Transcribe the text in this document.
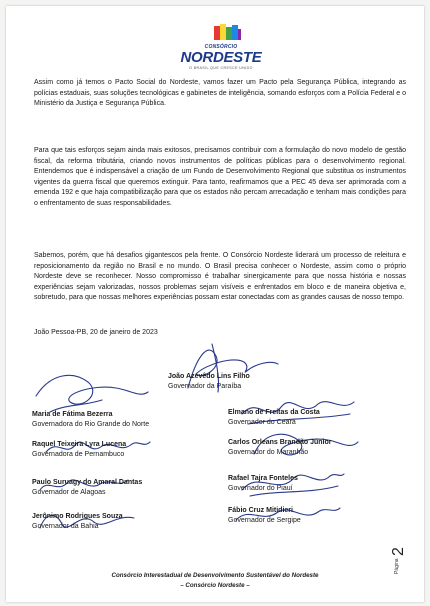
CONSÓRCIO
NORDESTE
O BRASIL QUE CRESCE UNIDO
Assim como já temos o Pacto Social do Nordeste, vamos fazer um Pacto pela Segurança Pública, integrando as polícias estaduais, suas soluções tecnológicas e gabinetes de inteligência, somando esforços com a Polícia Federal e o Ministério da Justiça e Segurança Pública.
Para que tais esforços sejam ainda mais exitosos, precisamos contribuir com a formulação do novo modelo de gestão fiscal, da reforma tributária, criando novos instrumentos de políticas públicas para o desenvolvimento regional. Entendemos que é indispensável a criação de um Fundo de Desenvolvimento Regional que substitua os instrumentos vigentes da guerra fiscal que queremos extinguir. Para tanto, reafirmamos que a PEC 45 deva ser aprimorada com a emenda 192 e que haja compatibilização para que os estados não percam arrecadação e tenham mais condições para o enfrentamento de suas responsabilidades.
Sabemos, porém, que há desafios gigantescos pela frente. O Consórcio Nordeste liderará um processo de releitura e reposicionamento da região no Brasil e no mundo. O Brasil precisa conhecer o Nordeste, assim como o próprio Nordeste deve se reconhecer. Nosso compromisso é trabalhar sinergicamente para que nossa história e nossas experiências sejam valorizadas, nossos problemas sejam visíveis e enfrentados em bloco e de maneira objetiva e, sobretudo, para que nossas melhores experiências possam estar conectadas com as grandes causas de nosso tempo.
João Pessoa-PB, 20 de janeiro de 2023
João Azevêdo Lins Filho
Governador da Paraíba
Maria de Fátima Bezerra
Governadora do Rio Grande do Norte
Elmano de Freitas da Costa
Governador do Ceará
Raquel Teixeira Lyra Lucena
Governadora de Pernambuco
Carlos Orleans Brandão Júnior
Governador do Maranhão
Paulo Suruagy do Amaral Dantas
Governador de Alagoas
Rafael Tajra Fonteles
Governador do Piauí
Jerônimo Rodrigues Souza
Governador da Bahia
Fábio Cruz Mitidieri
Governador de Sergipe
Página
2
Consórcio Interestadual de Desenvolvimento Sustentável do Nordeste
– Consórcio Nordeste –
